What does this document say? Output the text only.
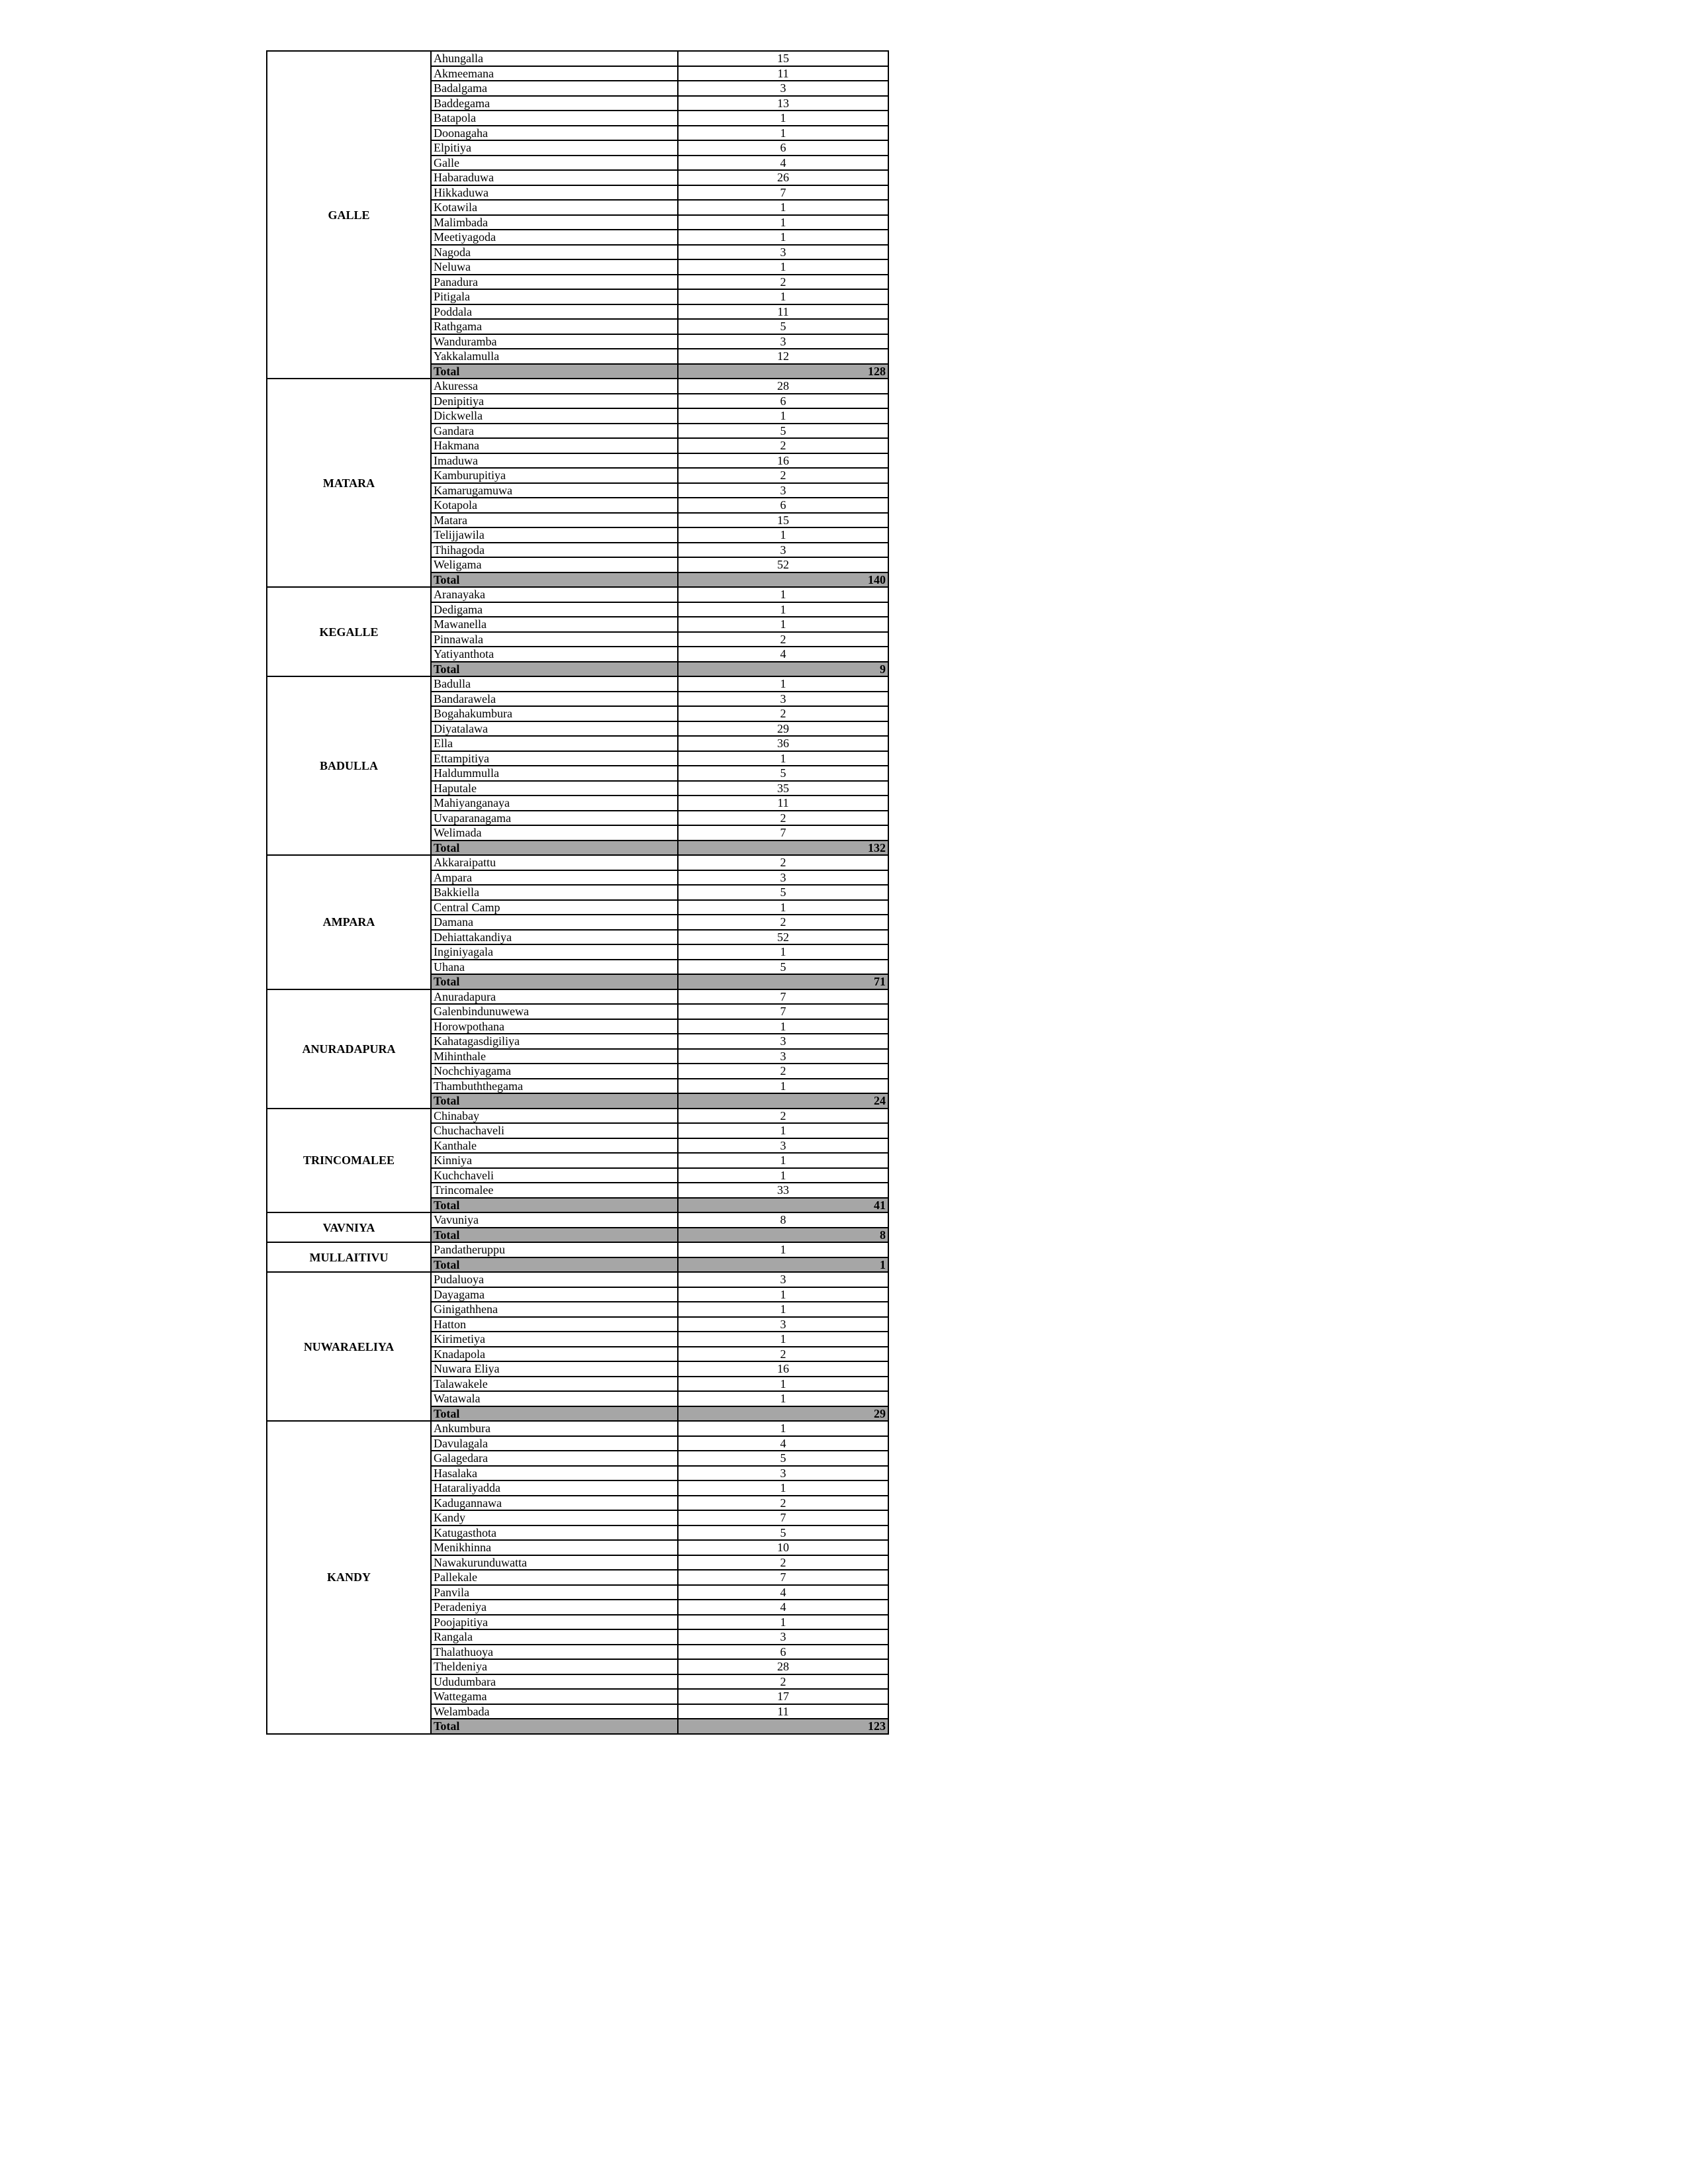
GALLE	Ahungalla	15
	Akmeemana	11
	Badalgama	3
	Baddegama	13
	Batapola	1
	Doonagaha	1
	Elpitiya	6
	Galle	4
	Habaraduwa	26
	Hikkaduwa	7
	Kotawila	1
	Malimbada	1
	Meetiyagoda	1
	Nagoda	3
	Neluwa	1
	Panadura	2
	Pitigala	1
	Poddala	11
	Rathgama	5
	Wanduramba	3
	Yakkalamulla	12
	Total	128
MATARA	Akuressa	28
	Denipitiya	6
	Dickwella	1
	Gandara	5
	Hakmana	2
	Imaduwa	16
	Kamburupitiya	2
	Kamarugamuwa	3
	Kotapola	6
	Matara	15
	Telijjawila	1
	Thihagoda	3
	Weligama	52
	Total	140
KEGALLE	Aranayaka	1
	Dedigama	1
	Mawanella	1
	Pinnawala	2
	Yatiyanthota	4
	Total	9
BADULLA	Badulla	1
	Bandarawela	3
	Bogahakumbura	2
	Diyatalawa	29
	Ella	36
	Ettampitiya	1
	Haldummulla	5
	Haputale	35
	Mahiyanganaya	11
	Uvaparanagama	2
	Welimada	7
	Total	132
AMPARA	Akkaraipattu	2
	Ampara	3
	Bakkiella	5
	Central Camp	1
	Damana	2
	Dehiattakandiya	52
	Inginiyagala	1
	Uhana	5
	Total	71
ANURADAPURA	Anuradapura	7
	Galenbindunuwewa	7
	Horowpothana	1
	Kahatagasdigiliya	3
	Mihinthale	3
	Nochchiyagama	2
	Thambuththegama	1
	Total	24
TRINCOMALEE	Chinabay	2
	Chuchachaveli	1
	Kanthale	3
	Kinniya	1
	Kuchchaveli	1
	Trincomalee	33
	Total	41
VAVNIYA	Vavuniya	8
	Total	8
MULLAITIVU	Pandatheruppu	1
	Total	1
NUWARAELIYA	Pudaluoya	3
	Dayagama	1
	Ginigathhena	1
	Hatton	3
	Kirimetiya	1
	Knadapola	2
	Nuwara Eliya	16
	Talawakele	1
	Watawala	1
	Total	29
KANDY	Ankumbura	1
	Davulagala	4
	Galagedara	5
	Hasalaka	3
	Hataraliyadda	1
	Kadugannawa	2
	Kandy	7
	Katugasthota	5
	Menikhinna	10
	Nawakurunduwatta	2
	Pallekale	7
	Panvila	4
	Peradeniya	4
	Poojapitiya	1
	Rangala	3
	Thalathuoya	6
	Theldeniya	28
	Ududumbara	2
	Wattegama	17
	Welambada	11
	Total	123
